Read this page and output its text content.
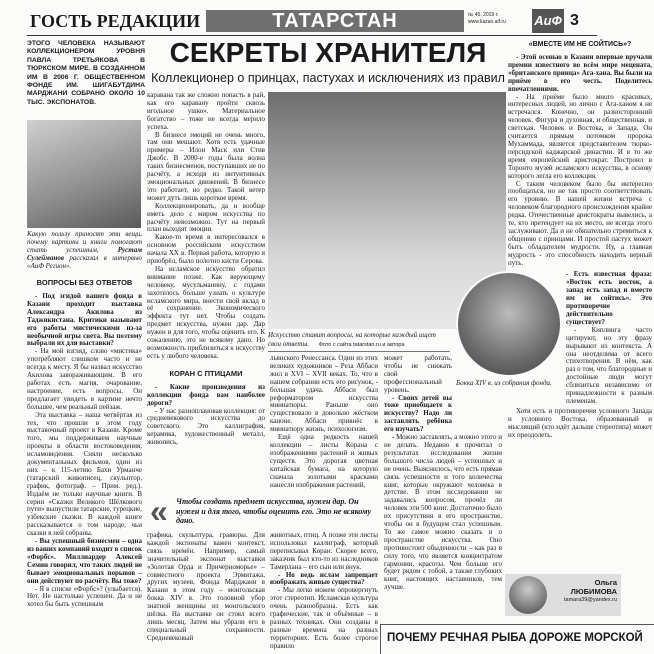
ГОСТЬ РЕДАКЦИИ	ТАТАРСТАН	№ 45, 2019 г.
www.kazan.aif.ru	АиФ 3
ЭТОГО ЧЕЛОВЕКА НАЗЫВАЮТ КОЛЛЕКЦИОНЕРОМ УРОВНЯ ПАВЛА ТРЕТЬЯКОВА В ТЮРКСКОМ МИРЕ. В СОЗДАННОМ ИМ В 2006 Г. ОБЩЕСТВЕННОМ ФОНДЕ ИМ. ШИГАБУТДИНА МАРДЖАНИ СОБРАНО ОКОЛО 10 ТЫС. ЭКСПОНАТОВ.
Какую пользу приносят эти вещи, почему картины и книги помогают стать успешным, Рустам Сулейманов рассказал в интервью «АиФ Регион».
ВОПРОСЫ БЕЗ ОТВЕТОВ

- Под эгидой вашего фонда в Казани проходит выставка Александра Акилова из Таджикистана. Критики называют его работы мистическими из-за необычной игры света. Вы поэтому выбрали их для выставки?

- На мой взгляд, слово «мистика» употребляют слишком часто и не всегда к месту. Я бы назвал искусство Акилова завораживающим. В его работах есть магия, очарование, настроение, есть вопросы. Он предлагает увидеть в картине нечто большее, чем реальный пейзаж.

Эта выставка – наша четвёртая из тех, что прошли в этом году выставочный проект в Казани. Кроме того, мы поддерживаем научные проекты в области востоковедения, исламоведения. Сняли несколько документальных фильмов, один из них – к 115-летию Бахи Урманче (татарский живописец, скульптор, график, фотограф. – Прим. ред.). Издаём не только научные книги. В серии «Сказки Великого Шёлкового пути» выпустили татарские, турецкие, узбекские сказки. В каждой книге рассказывается о том народе, чьи сказки в ней собраны.

- Вы успешный бизнесмен – одна из ваших компаний входит в список «Форбс». Миллиардер Алексей Семин говорил, что таких людей не бывает эмоциональных порывов – они действуют по расчёту. Вы тоже?

- Я в списке «Форбс»? (улыбается). Нет. Не настолько успешен. Да и не хотел бы быть успешным

СЕКРЕТЫ ХРАНИТЕЛЯ
Коллекционер о принцах, пастухах и исключениях из правил

каравана так же сложно попасть в рай, как его каравану пройти сквозь игольное ушко». Материальное богатство – тоже не всегда мерило успеха.

В бизнесе эмоций не очень много, там они мешают. Хотя есть удачные примеры – Илон Маск или Стив Джобс. В 2000-е годы была волна таких бизнесменов, поступавших не по расчёту, а исходя из интуитивных эмоциональных движений. В бизнесе это работает, но редко. Такой ветер может дуть лишь короткое время.

Коллекционировать, да и вообще иметь дело с миром искусства по расчёту невозможно. Тут на первый план выходят эмоции.

Какое-то время я интересовался в основном российским искусством начала XX в. Первая работа, которую я приобрёл, было полотно кисти Серова.

На исламское искусство обратил внимание позже. Как верующему человеку, мусульманину, с годами захотелось больше узнать о культуре исламского мира, внести свой вклад в её сохранение. Экономического эффекта тут нет. Чтобы создать предмет искусства, нужен дар. Дар нужен и для того, чтобы оценить его. К сожалению, это не всякому дано. Но возможность приблизиться к искусству есть у любого человека.

КОРАН С ПТИЦАМИ

- Какие произведения из коллекции фонда вам наиболее дороги?

- У нас разноплановая коллекция: от средневекового искусства до советского. Это каллиграфия, керамика, художественный металл, живопись,

Искусство ставит вопросы, на которые каждый ищет свои ответы. Фото с сайта tatarstan.ru и автора

льянского Ренессанса. Один из этих великих художников – Реза Аббаси жил в XVI – XVII веках. То, что в нашем собрании есть его рисунок, - большая удача. Аббаси был реформатором искусства миниатюры. Раньше оно существовало в довольно жёстком каноне. Аббаси привнёс в миниатюру жизнь, психологизм.

Ещё одна редкость нашей коллекции – листы Корана с изображениями растений и живых существ. Это дорогая цветная китайская бумага, на которую сначала золотыми красками нанесли изображения растений,

может работать, чтобы не снижать свой профессиональный уровень.

- Своих детей вы тоже приобщаете к искусству? Надо ли заставлять ребёнка его изучать?

- Можно заставлять, а можно этого и не делать. Недавно я прочитал о результатах исследования жизни большого числа людей – успешных и не очень. Выяснилось, что есть прямая связь успешности и того количества книг, которые окружают человека в детстве. В этом исследовании не задавались вопросом, прочёл ли человек эти 500 книг. Достаточно было их присутствия в его пространстве, чтобы он в будущем стал успешным. То же самое можно сказать и о пространстве искусства. Оно противостоит обыденности – как раз в силу того, что является концентратом гармонии, красоты. Чем больше его будет рядом с тобой, а также глубоких книг, настоящих наставников, тем лучше.

« Чтобы создать предмет искусства, нужен дар. Он нужен и для того, чтобы оценить его. Это не всякому дано.

графика, скульптура, гравюры. Для каждой экспонаты важен контекст, связь времён. Например, самый значительный экспонат выставки «Золотая Орда и Причерноморье» – совместного проекта Эрмитажа, других музеев, Фонда Марджани в Казани в этом году – монгольская бокка XIV в. Это головной убор знатной женщины из монгольского шёлка. На выставке он стоял всего лишь месяц. Затем мы убрали его в специальный сохранности. Средневековый

животных, птиц. А позже эти листы использовал каллиграф, который переписывал Коран. Скорее всего, заказчик был кто-то из наследников Тамерлана – его сын или внук.

- Но ведь ислам запрещает изображать живые существа?

- Мы легко можем опровергнуть этот стереотип. Исламская культура очень разнообразна. Есть как графические, так и объёмные – в разных техниках. Они созданы в разные времена на разных территориях. Есть более строгое правило

«ВМЕСТЕ ИМ НЕ СОЙТИСЬ»?

- Этой осенью в Казани впервые вручали премии известного во всём мире мецената, «британского принца» Ага-хана. Вы были на приёме в его честь. Поделитесь впечатлениями.

- На приёме было много красивых, интересных людей, но лично с Ага-ханом я не встречался. Конечно, он разносторонний человек. Фигура и духовная, и общественная, и светская. Человек и Востока, и Запада. Он считается прямым потомком пророка Мухаммада, является представителем тюрко-персидской каджарской династии. И в то же время европейский аристократ. Построил в Торонто музей исламского искусства, в основу которого легла его коллекция.

С таким человеком было бы интересно пообщаться, но не так просто соответствовать его уровню. В нашей жизни встреча с человеком благородного происхождения крайне редка. Отечественные аристократы вывелись, а те, кто претендует на их место, не всегда этого заслуживают. Да и не обязательно стремиться к общению с принцами. И простой пастух может быть обладателем мудрости. Ну, а главная мудрость - это способность находить верный путь.

Бокка XIV в. из собрания фонда.

- Есть известная фраза: «Восток есть восток, а запад есть запад и вместе им не сойтись». Это противоречие действительно существует?

- Киплинга часто цитируют, но эту фразу вырывают из контекста. А она неотделима от всего стихотворения. В нём, как раз о том, что благородные и достойные люди могут сблизиться независимо от принадлежности к разным племенам.

Хотя есть и противоречия условного Запада и условного Востока, образованный и мыслящий (кто идёт дальше стереотипа) может их преодолеть.

Ольга
ЛЮБИМОВА
tamara39@yandex.ru
ПОЧЕМУ РЕЧНАЯ РЫБА ДОРОЖЕ МОРСКОЙ
